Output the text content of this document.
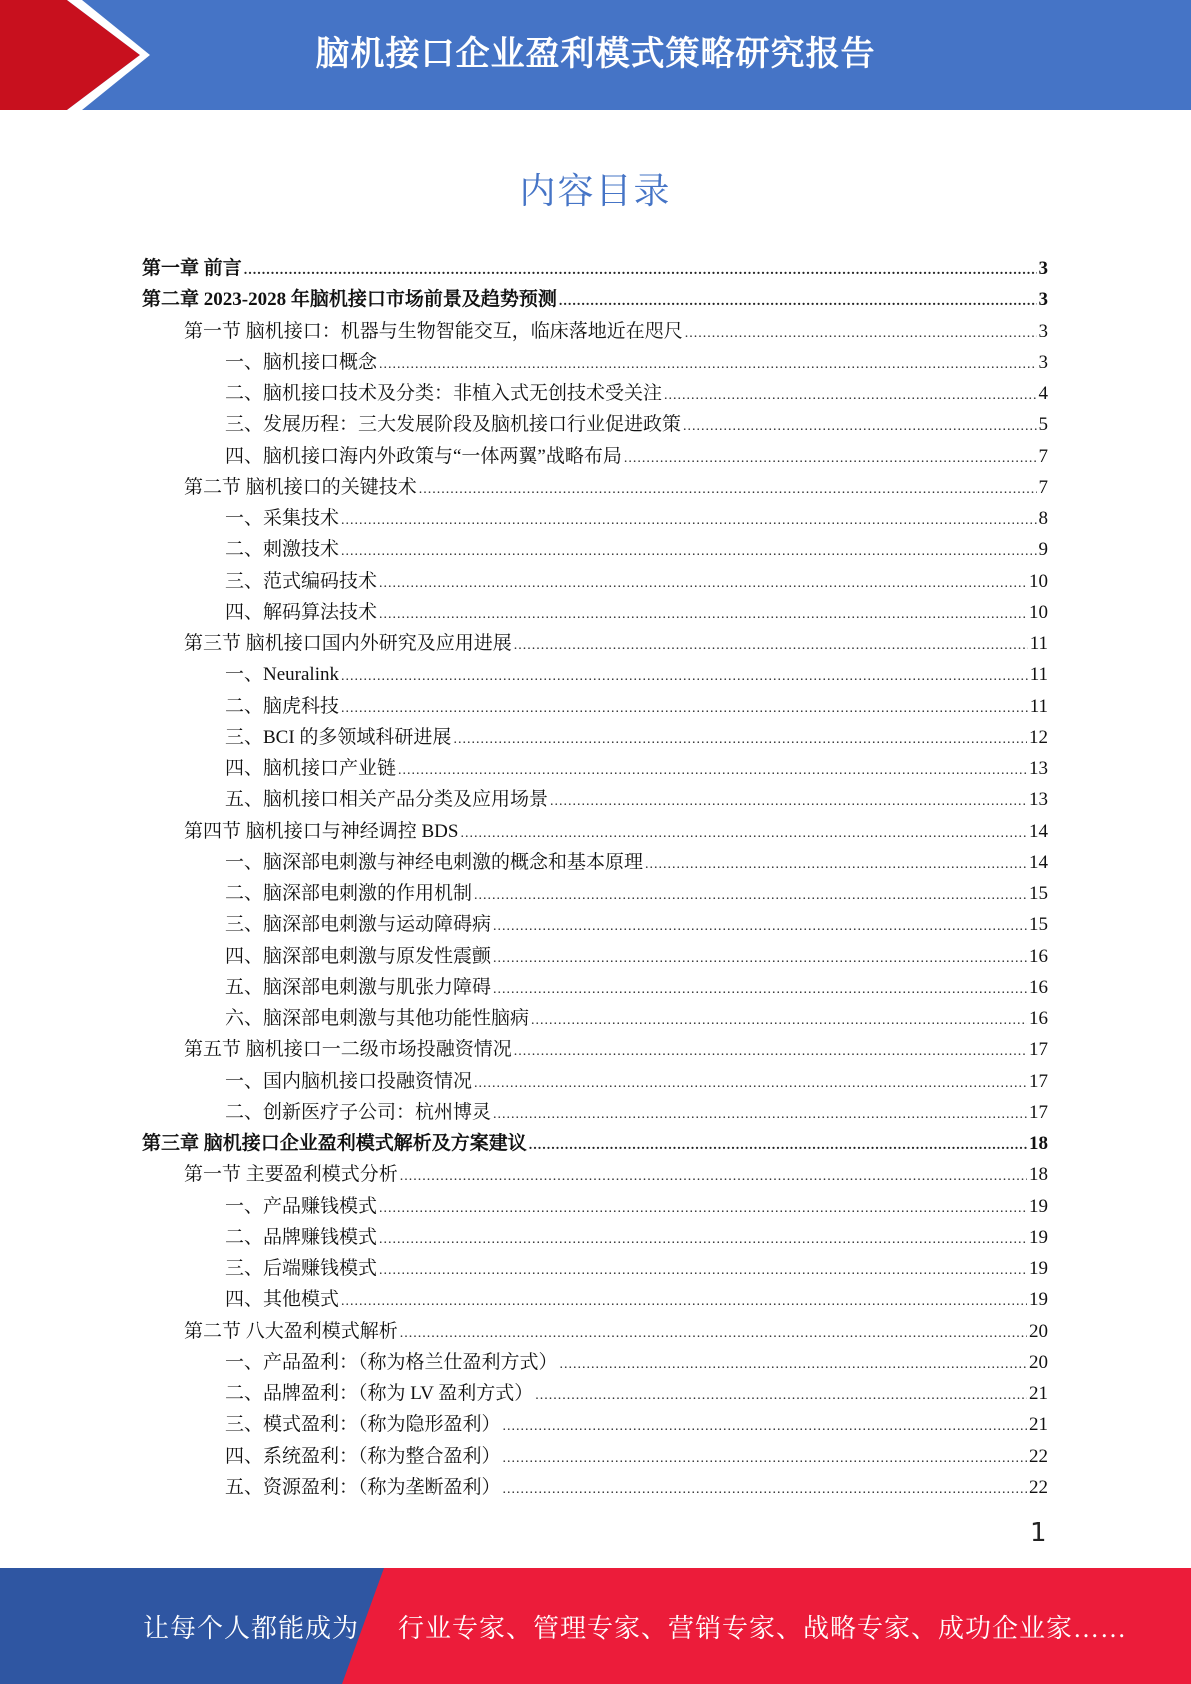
脑机接口企业盈利模式策略研究报告
内容目录
第一章 前言 .....	3
第二章 2023-2028 年脑机接口市场前景及趋势预测 .....	3
第一节 脑机接口：机器与生物智能交互，临床落地近在咫尺 .....	3
一、脑机接口概念 .....	3
二、脑机接口技术及分类：非植入式无创技术受关注 .....	4
三、发展历程：三大发展阶段及脑机接口行业促进政策 .....	5
四、脑机接口海内外政策与“一体两翼”战略布局 .....	7
第二节 脑机接口的关键技术 .....	7
一、采集技术 .....	8
二、刺激技术 .....	9
三、范式编码技术 .....	10
四、解码算法技术 .....	10
第三节 脑机接口国内外研究及应用进展 .....	11
一、Neuralink .....	11
二、脑虎科技 .....	11
三、BCI 的多领域科研进展 .....	12
四、脑机接口产业链 .....	13
五、脑机接口相关产品分类及应用场景 .....	13
第四节 脑机接口与神经调控 BDS .....	14
一、脑深部电刺激与神经电刺激的概念和基本原理 .....	14
二、脑深部电刺激的作用机制 .....	15
三、脑深部电刺激与运动障碍病 .....	15
四、脑深部电刺激与原发性震颤 .....	16
五、脑深部电刺激与肌张力障碍 .....	16
六、脑深部电刺激与其他功能性脑病 .....	16
第五节 脑机接口一二级市场投融资情况 .....	17
一、国内脑机接口投融资情况 .....	17
二、创新医疗子公司：杭州博灵 .....	17
第三章 脑机接口企业盈利模式解析及方案建议 .....	18
第一节 主要盈利模式分析 .....	18
一、产品赚钱模式 .....	19
二、品牌赚钱模式 .....	19
三、后端赚钱模式 .....	19
四、其他模式 .....	19
第二节 八大盈利模式解析 .....	20
一、产品盈利：（称为格兰仕盈利方式） .....	20
二、品牌盈利：（称为 LV 盈利方式） .....	21
三、模式盈利：（称为隐形盈利） .....	21
四、系统盈利：（称为整合盈利） .....	22
五、资源盈利：（称为垄断盈利） .....	22
1
让每个人都能成为 行业专家、管理专家、营销专家、战略专家、成功企业家……
